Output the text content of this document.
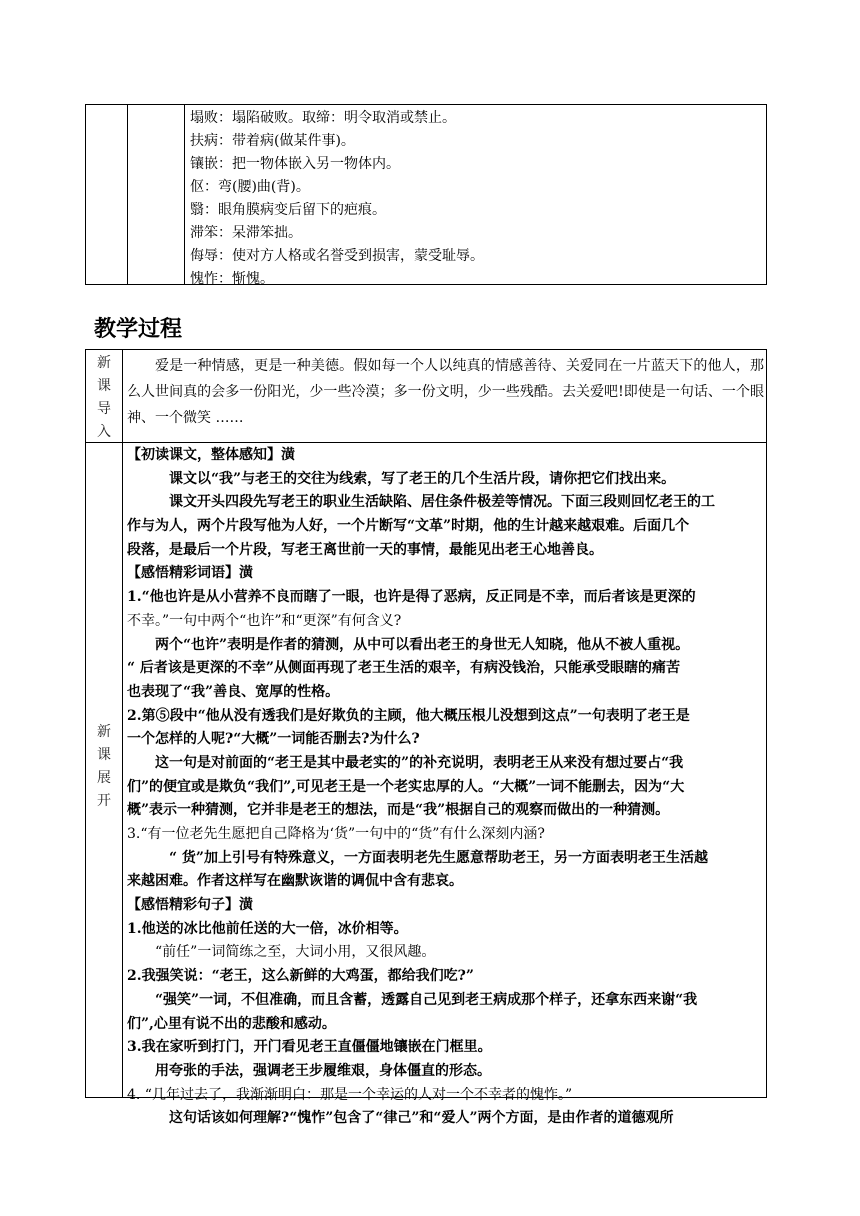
塌败：塌陷破败。取缔：明令取消或禁止。
扶病：带着病(做某件事)。
镶嵌：把一物体嵌入另一物体内。
伛：弯(腰)曲(背)。
翳：眼角膜病变后留下的疤痕。
滞笨：呆滞笨拙。
侮辱：使对方人格或名誉受到损害，蒙受耻辱。
愧怍：惭愧。
教学过程
新
课
导
入
爱是一种情感，更是一种美德。假如每一个人以纯真的情感善待、关爱同在一片蓝天下的他人，那么人世间真的会多一份阳光，少一些冷漠；多一份文明，少一些残酷。去关爱吧!即使是一句话、一个眼神、一个微笑 ……
新
课
展
开
【初读课文，整体感知】潢
课文以“我”与老王的交往为线索，写了老王的几个生活片段，请你把它们找出来。
课文开头四段先写老王的职业生活缺陷、居住条件极差等情况。下面三段则回忆老王的工
作与为人，两个片段写他为人好，一个片断写“文革”时期，他的生计越来越艰难。后面几个
段落，是最后一个片段，写老王离世前一天的事情，最能见出老王心地善良。
【感悟精彩词语】潢
1.“他也许是从小营养不良而瞎了一眼，也许是得了恶病，反正同是不幸，而后者该是更深的
不幸。”一句中两个“也许”和“更深”有何含义?
两个“也许”表明是作者的猜测，从中可以看出老王的身世无人知晓，他从不被人重视。
“ 后者该是更深的不幸”从侧面再现了老王生活的艰辛，有病没钱治，只能承受眼瞎的痛苦
也表现了“我”善良、宽厚的性格。
2.第⑤段中“他从没有透我们是好欺负的主顾，他大概压根儿没想到这点”一句表明了老王是
一个怎样的人呢?“大概”一词能否删去?为什么?
这一句是对前面的“老王是其中最老实的”的补充说明，表明老王从来没有想过要占“我
们”的便宜或是欺负“我们”,可见老王是一个老实忠厚的人。“大概”一词不能删去，因为“大
概”表示一种猜测，它并非是老王的想法，而是“我”根据自己的观察而做出的一种猜测。
3.“有一位老先生愿把自己降格为‘货”一句中的“货”有什么深刻内涵?
“ 货”加上引号有特殊意义，一方面表明老先生愿意帮助老王，另一方面表明老王生活越
来越困难。作者这样写在幽默诙谐的调侃中含有悲哀。
【感悟精彩句子】潢
1.他送的冰比他前任送的大一倍，冰价相等。
“前任”一词简练之至，大词小用，又很风趣。
2.我强笑说：“老王，这么新鲜的大鸡蛋，都给我们吃?”
“强笑”一词，不但准确，而且含蓄，透露自己见到老王病成那个样子，还拿东西来谢“我
们”,心里有说不出的悲酸和感动。
3.我在家听到打门，开门看见老王直僵僵地镶嵌在门框里。
用夸张的手法，强调老王步履维艰，身体僵直的形态。
4. “几年过去了，我渐渐明白：那是一个幸运的人对一个不幸者的愧怍。”
这句话该如何理解?“愧怍”包含了“律己”和“爱人”两个方面，是由作者的道德观所
